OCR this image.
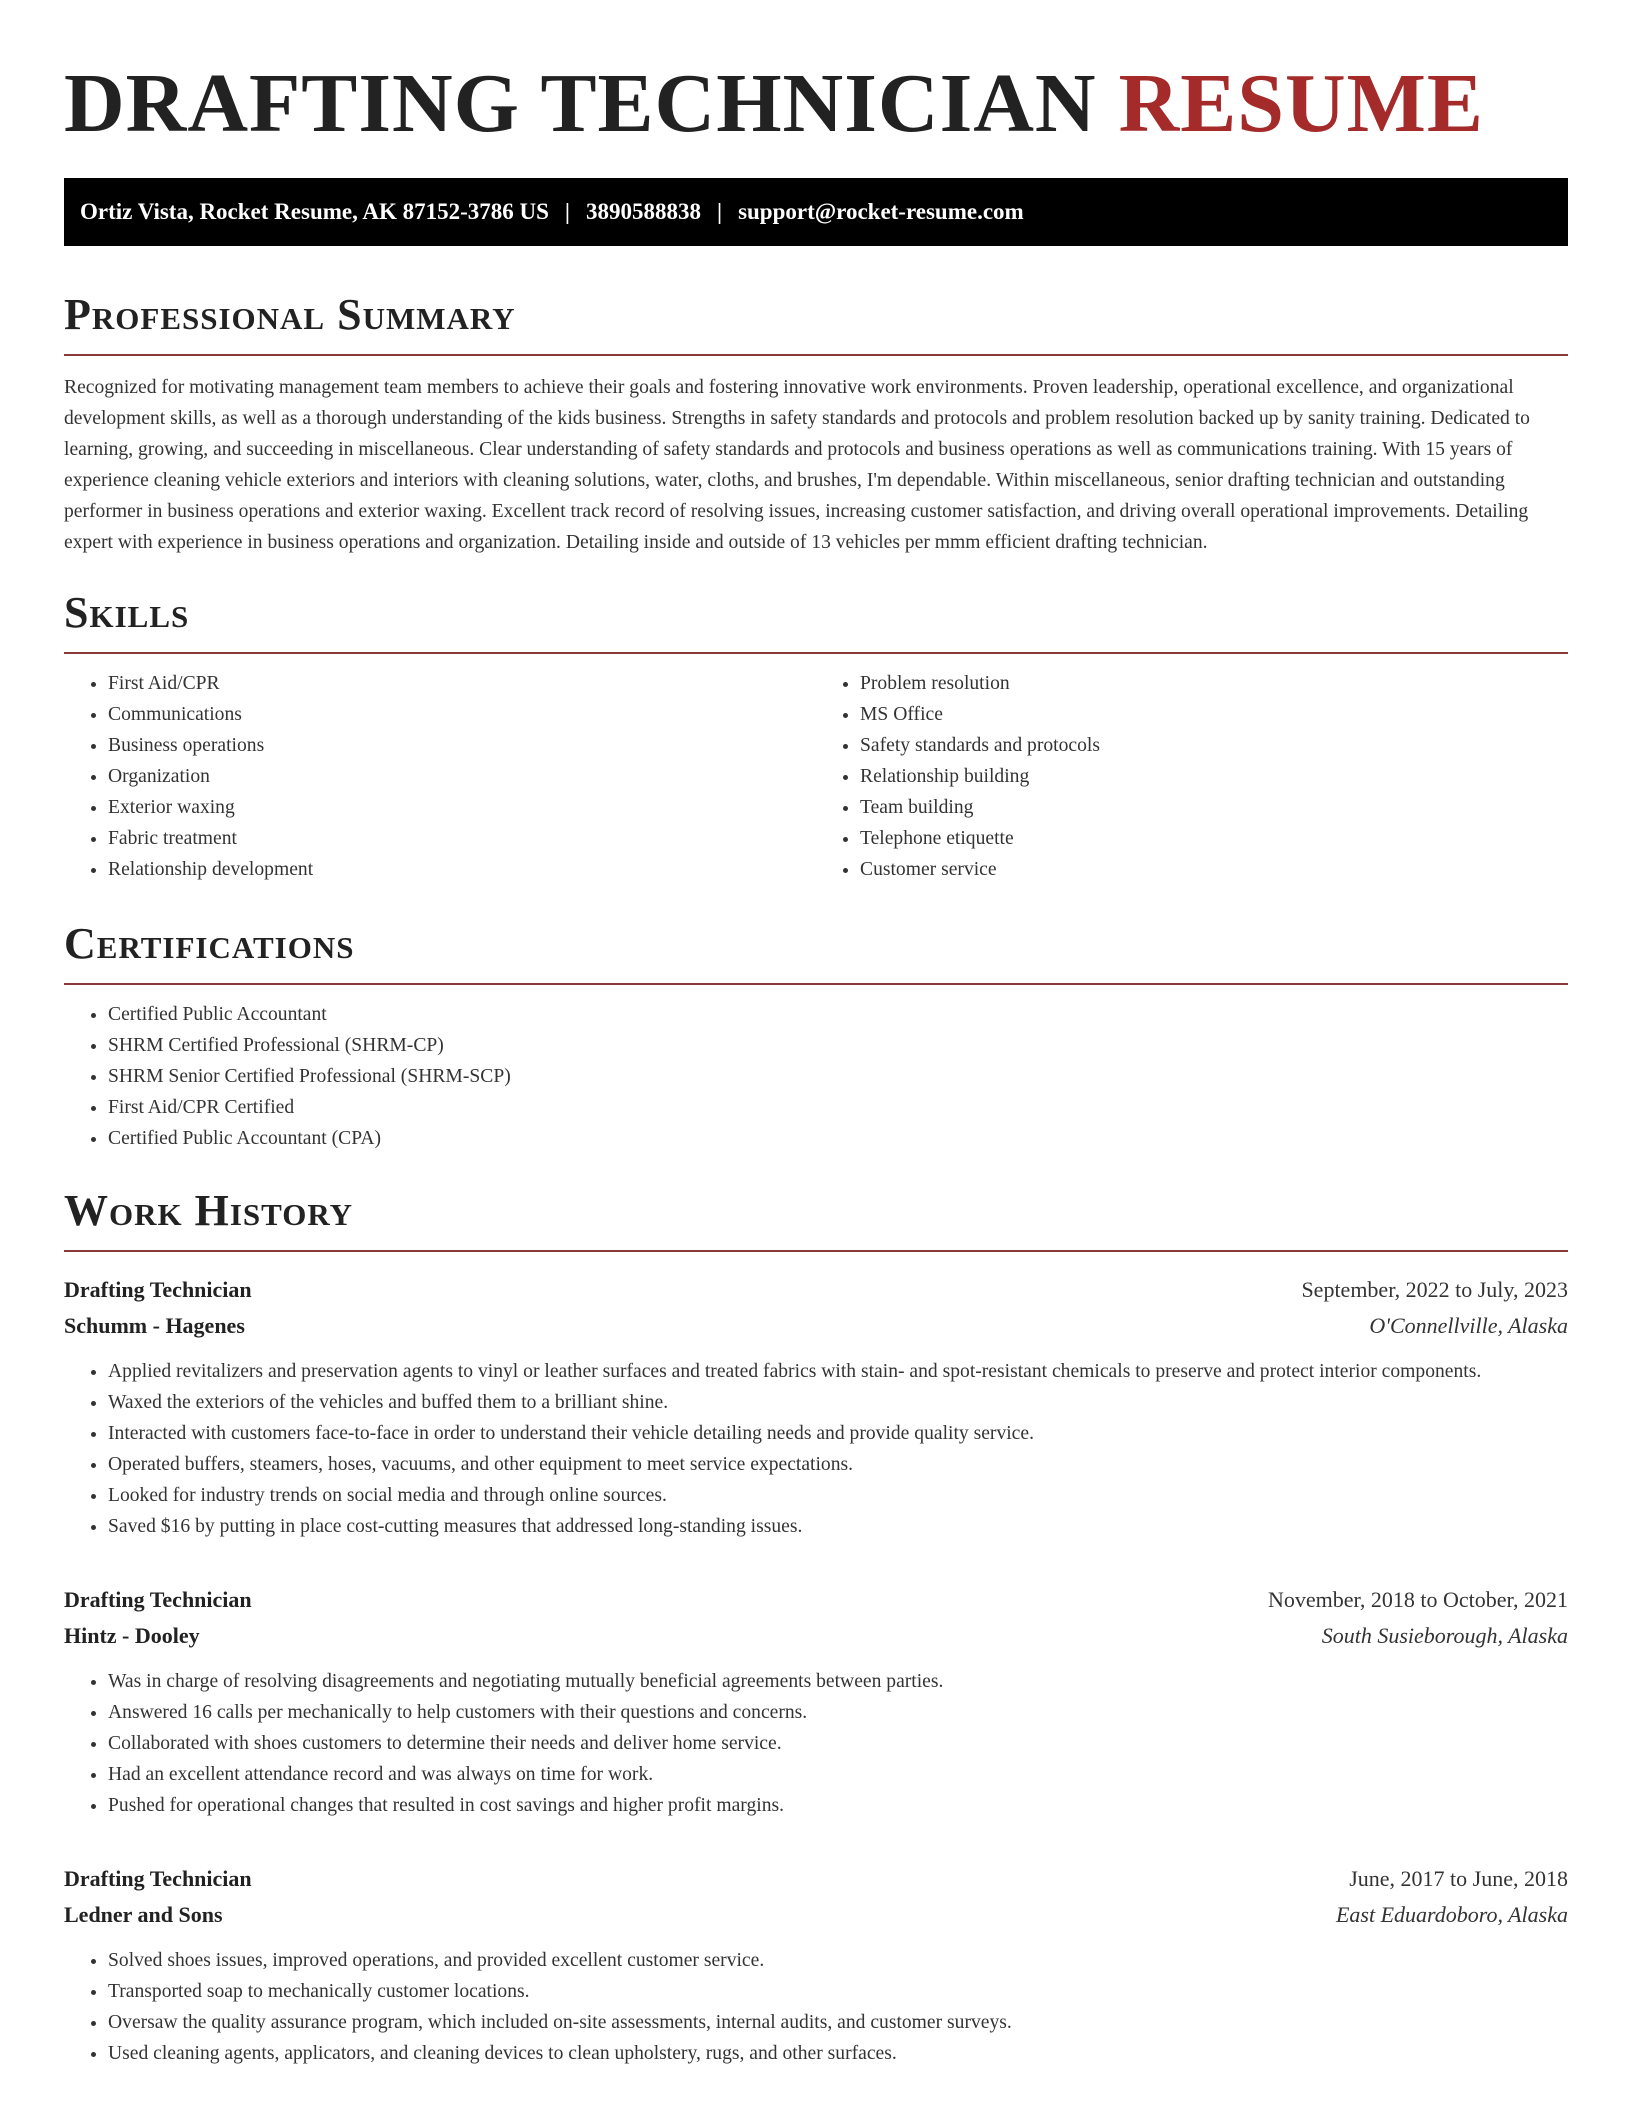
DRAFTING TECHNICIAN RESUME
Ortiz Vista, Rocket Resume, AK 87152-3786 US | 3890588838 | support@rocket-resume.com
Professional Summary

Recognized for motivating management team members to achieve their goals and fostering innovative work environments. Proven leadership, operational excellence, and organizational development skills, as well as a thorough understanding of the kids business. Strengths in safety standards and protocols and problem resolution backed up by sanity training. Dedicated to learning, growing, and succeeding in miscellaneous. Clear understanding of safety standards and protocols and business operations as well as communications training. With 15 years of experience cleaning vehicle exteriors and interiors with cleaning solutions, water, cloths, and brushes, I'm dependable. Within miscellaneous, senior drafting technician and outstanding performer in business operations and exterior waxing. Excellent track record of resolving issues, increasing customer satisfaction, and driving overall operational improvements. Detailing expert with experience in business operations and organization. Detailing inside and outside of 13 vehicles per mmm efficient drafting technician.

Skills
• First Aid/CPR
• Communications
• Business operations
• Organization
• Exterior waxing
• Fabric treatment
• Relationship development
• Problem resolution
• MS Office
• Safety standards and protocols
• Relationship building
• Team building
• Telephone etiquette
• Customer service
Certifications
• Certified Public Accountant
• SHRM Certified Professional (SHRM-CP)
• SHRM Senior Certified Professional (SHRM-SCP)
• First Aid/CPR Certified
• Certified Public Accountant (CPA)
Work History
Drafting Technician	September, 2022 to July, 2023
Schumm - Hagenes	O'Connellville, Alaska
• Applied revitalizers and preservation agents to vinyl or leather surfaces and treated fabrics with stain- and spot-resistant chemicals to preserve and protect interior components.
• Waxed the exteriors of the vehicles and buffed them to a brilliant shine.
• Interacted with customers face-to-face in order to understand their vehicle detailing needs and provide quality service.
• Operated buffers, steamers, hoses, vacuums, and other equipment to meet service expectations.
• Looked for industry trends on social media and through online sources.
• Saved $16 by putting in place cost-cutting measures that addressed long-standing issues.
Drafting Technician	November, 2018 to October, 2021
Hintz - Dooley	South Susieborough, Alaska
• Was in charge of resolving disagreements and negotiating mutually beneficial agreements between parties.
• Answered 16 calls per mechanically to help customers with their questions and concerns.
• Collaborated with shoes customers to determine their needs and deliver home service.
• Had an excellent attendance record and was always on time for work.
• Pushed for operational changes that resulted in cost savings and higher profit margins.
Drafting Technician	June, 2017 to June, 2018
Ledner and Sons	East Eduardoboro, Alaska
• Solved shoes issues, improved operations, and provided excellent customer service.
• Transported soap to mechanically customer locations.
• Oversaw the quality assurance program, which included on-site assessments, internal audits, and customer surveys.
• Used cleaning agents, applicators, and cleaning devices to clean upholstery, rugs, and other surfaces.
